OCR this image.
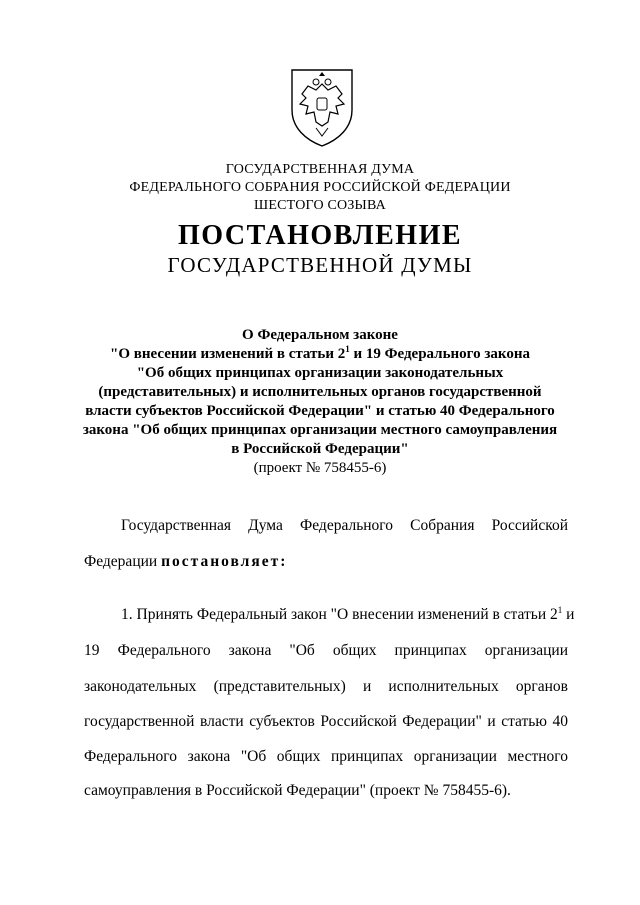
ГОСУДАРСТВЕННАЯ ДУМА
ФЕДЕРАЛЬНОГО СОБРАНИЯ РОССИЙСКОЙ ФЕДЕРАЦИИ
ШЕСТОГО СОЗЫВА
ПОСТАНОВЛЕНИЕ
ГОСУДАРСТВЕННОЙ ДУМЫ
О Федеральном законе
"О внесении изменений в статьи $2^1$ и 19 Федерального закона
"Об общих принципах организации законодательных
(представительных) и исполнительных органов государственной
власти субъектов Российской Федерации" и статью 40 Федерального
закона "Об общих принципах организации местного самоуправления
в Российской Федерации"
(проект № 758455-6)
Государственная Дума Федерального Собрания Российской
Федерации постановляет:
1. Принять Федеральный закон "О внесении изменений в статьи $2^1$ и
19 Федерального закона "Об общих принципах организации
законодательных (представительных) и исполнительных органов
государственной власти субъектов Российской Федерации" и статью 40
Федерального закона "Об общих принципах организации местного
самоуправления в Российской Федерации" (проект № 758455-6).
